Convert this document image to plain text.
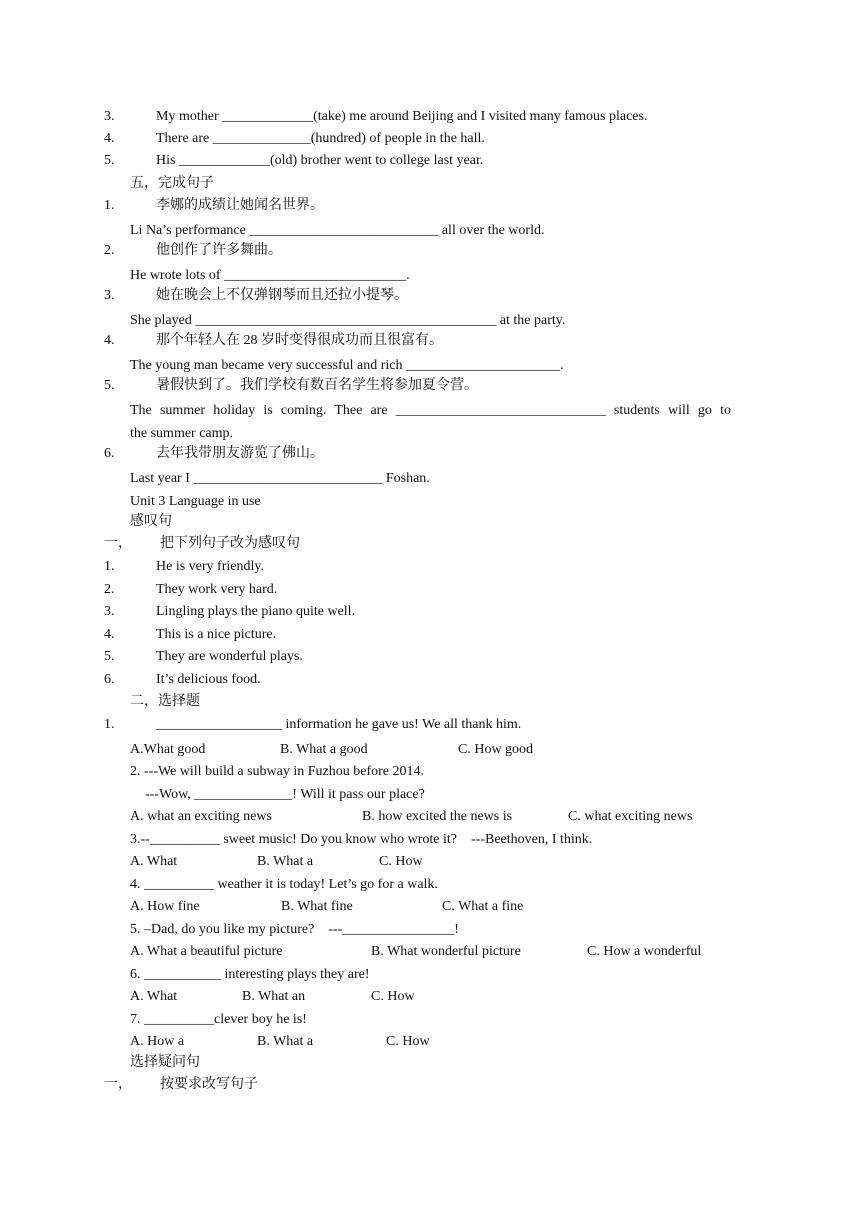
3.	My mother _____________(take) me around Beijing and I visited many famous places.
4.	There are ______________(hundred) of people in the hall.
5.	His _____________(old) brother went to college last year.
五，完成句子
1.	李娜的成绩让她闻名世界。
Li Na’s performance ___________________________ all over the world.
2.	他创作了许多舞曲。
He wrote lots of __________________________.
3.	她在晚会上不仅弹钢琴而且还拉小提琴。
She played ___________________________________________ at the party.
4.	那个年轻人在 28 岁时变得很成功而且很富有。
The young man became very successful and rich ______________________.
5.	暑假快到了。我们学校有数百名学生将参加夏令营。
The summer holiday is coming. Thee are ______________________________ students will go to
the summer camp.
6.	去年我带朋友游览了佛山。
Last year I ___________________________ Foshan.
Unit 3 Language in use
感叹句
一， 把下列句子改为感叹句
1.	He is very friendly.
2.	They work very hard.
3.	Lingling plays the piano quite well.
4.	This is a nice picture.
5.	They are wonderful plays.
6.	It’s delicious food.
二，选择题
1.	__________________ information he gave us! We all thank him.
A.What good	B. What a good	C. How good
2. ---We will build a subway in Fuzhou before 2014.
---Wow, ______________! Will it pass our place?
A. what an exciting news	B. how excited the news is	C. what exciting news
3.--__________ sweet music! Do you know who wrote it?    ---Beethoven, I think.
A. What	B. What a	C. How
4. __________ weather it is today! Let’s go for a walk.
A. How fine	B. What fine	C. What a fine
5. –Dad, do you like my picture?    ---________________!
A. What a beautiful picture	B. What wonderful picture	C. How a wonderful
6. ___________ interesting plays they are!
A. What	B. What an	C. How
7. __________clever boy he is!
A. How a	B. What a	C. How
选择疑问句
一， 按要求改写句子
